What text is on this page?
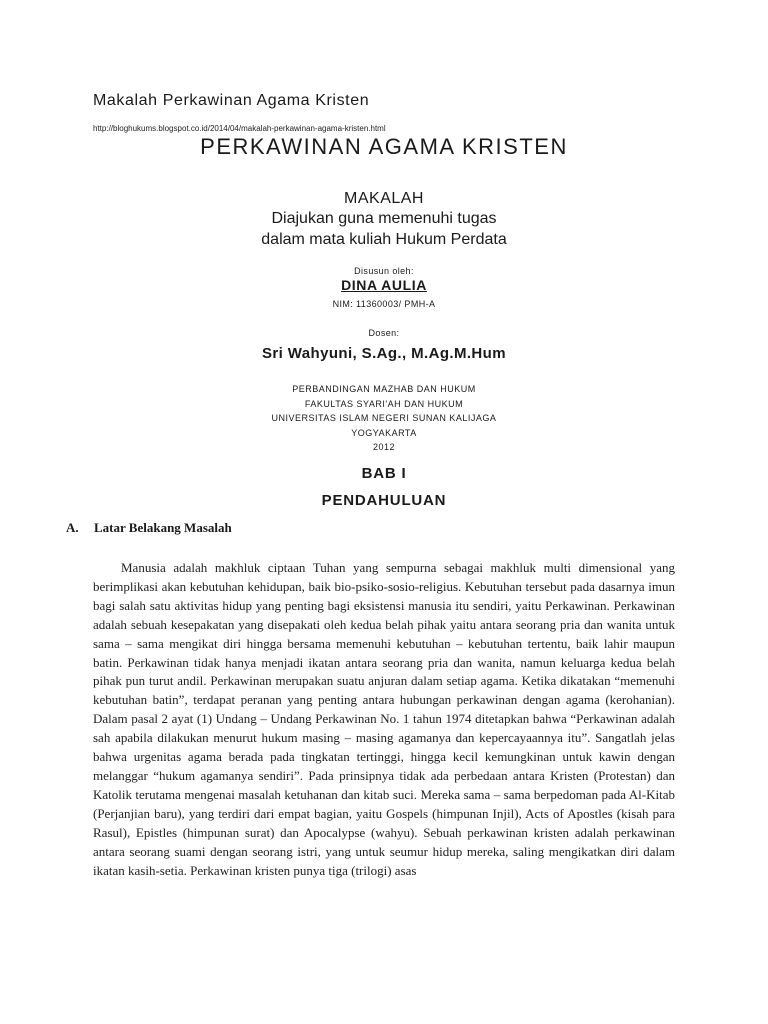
Makalah Perkawinan Agama Kristen
http://bloghukums.blogspot.co.id/2014/04/makalah-perkawinan-agama-kristen.html
PERKAWINAN AGAMA KRISTEN
MAKALAH
Diajukan guna memenuhi tugas
dalam mata kuliah Hukum Perdata
Disusun oleh:
DINA AULIA
NIM: 11360003/ PMH-A
Dosen:
Sri Wahyuni, S.Ag., M.Ag.M.Hum
PERBANDINGAN MAZHAB DAN HUKUM
FAKULTAS SYARI'AH DAN HUKUM
UNIVERSITAS ISLAM NEGERI SUNAN KALIJAGA
YOGYAKARTA
2012
BAB I
PENDAHULUAN
A. Latar Belakang Masalah

Manusia adalah makhluk ciptaan Tuhan yang sempurna sebagai makhluk multi dimensional yang berimplikasi akan kebutuhan kehidupan, baik bio-psiko-sosio-religius. Kebutuhan tersebut pada dasarnya imun bagi salah satu aktivitas hidup yang penting bagi eksistensi manusia itu sendiri, yaitu Perkawinan. Perkawinan adalah sebuah kesepakatan yang disepakati oleh kedua belah pihak yaitu antara seorang pria dan wanita untuk sama – sama mengikat diri hingga bersama memenuhi kebutuhan – kebutuhan tertentu, baik lahir maupun batin. Perkawinan tidak hanya menjadi ikatan antara seorang pria dan wanita, namun keluarga kedua belah pihak pun turut andil. Perkawinan merupakan suatu anjuran dalam setiap agama. Ketika dikatakan “memenuhi kebutuhan batin”, terdapat peranan yang penting antara hubungan perkawinan dengan agama (kerohanian). Dalam pasal 2 ayat (1) Undang – Undang Perkawinan No. 1 tahun 1974 ditetapkan bahwa “Perkawinan adalah sah apabila dilakukan menurut hukum masing – masing agamanya dan kepercayaannya itu”. Sangatlah jelas bahwa urgenitas agama berada pada tingkatan tertinggi, hingga kecil kemungkinan untuk kawin dengan melanggar “hukum agamanya sendiri”. Pada prinsipnya tidak ada perbedaan antara Kristen (Protestan) dan Katolik terutama mengenai masalah ketuhanan dan kitab suci. Mereka sama – sama berpedoman pada Al-Kitab (Perjanjian baru), yang terdiri dari empat bagian, yaitu Gospels (himpunan Injil), Acts of Apostles (kisah para Rasul), Epistles (himpunan surat) dan Apocalypse (wahyu). Sebuah perkawinan kristen adalah perkawinan antara seorang suami dengan seorang istri, yang untuk seumur hidup mereka, saling mengikatkan diri dalam ikatan kasih-setia. Perkawinan kristen punya tiga (trilogi) asas
